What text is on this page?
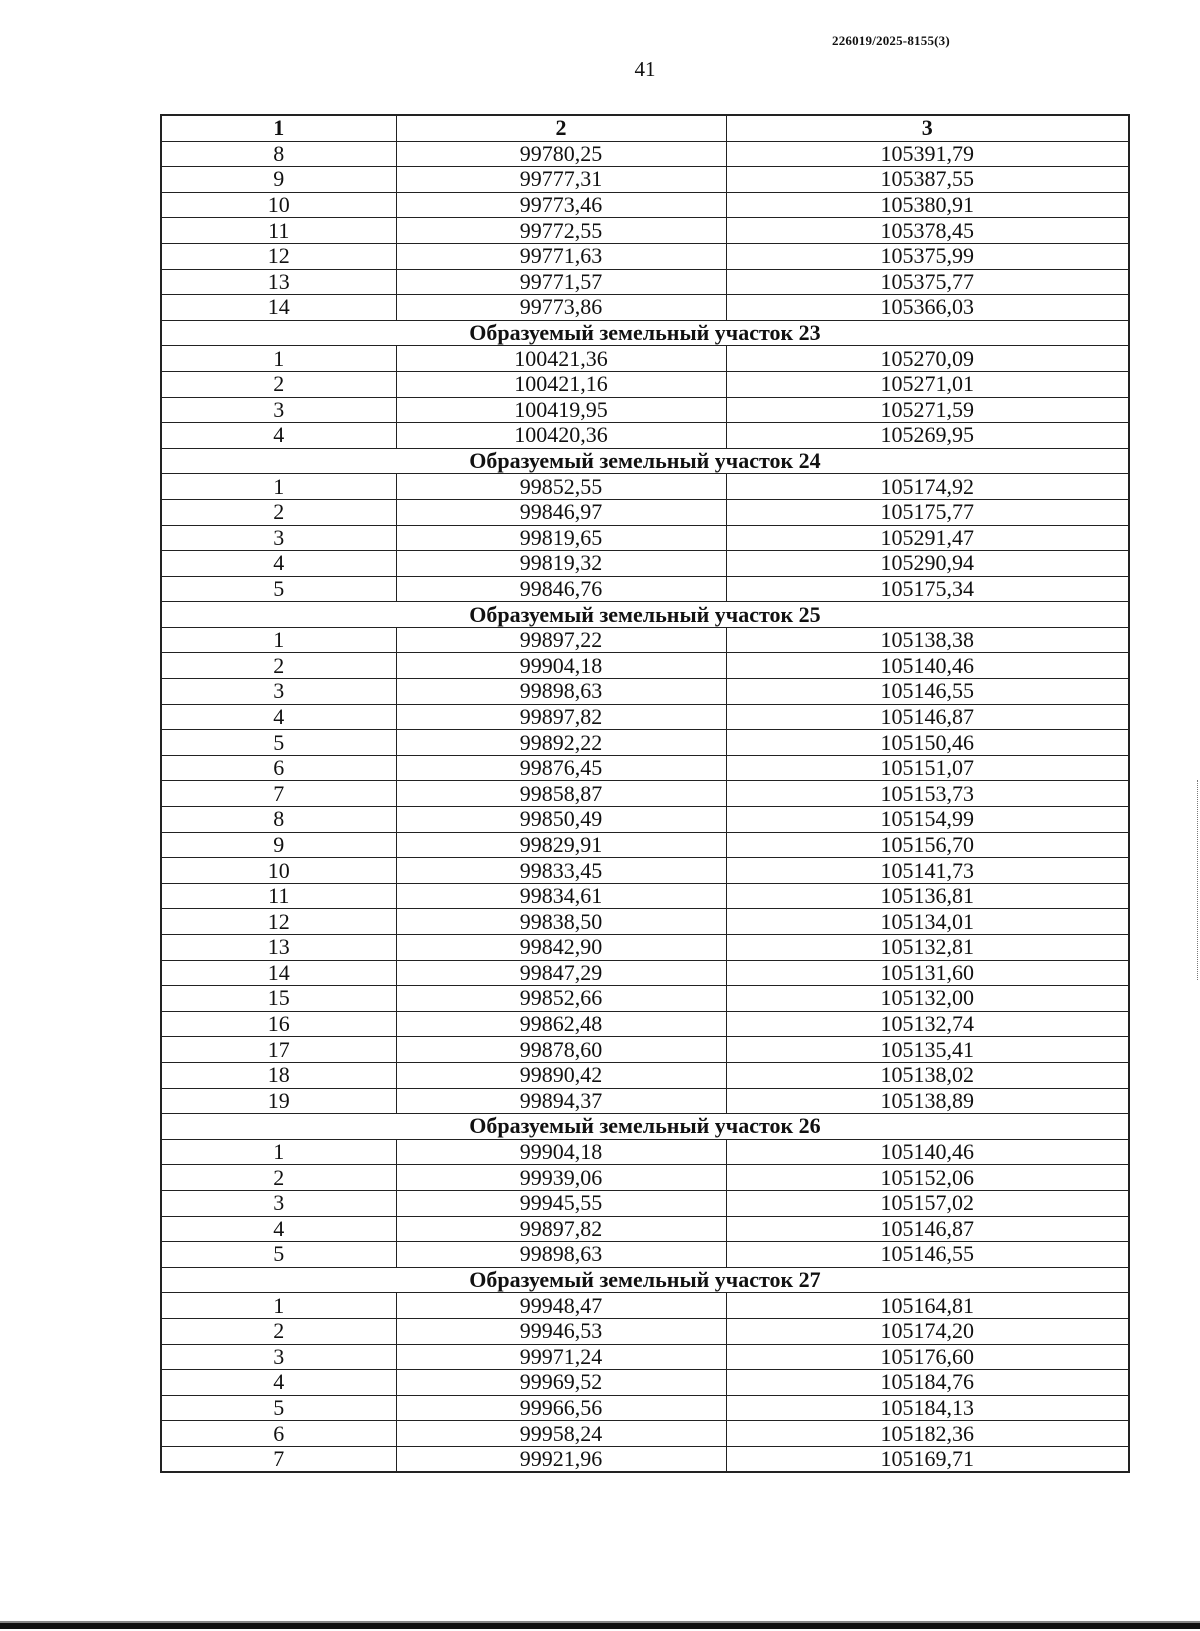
226019/2025-8155(3)
41
1	2	3
8	99780,25	105391,79
9	99777,31	105387,55
10	99773,46	105380,91
11	99772,55	105378,45
12	99771,63	105375,99
13	99771,57	105375,77
14	99773,86	105366,03
Образуемый земельный участок 23		
1	100421,36	105270,09
2	100421,16	105271,01
3	100419,95	105271,59
4	100420,36	105269,95
Образуемый земельный участок 24		
1	99852,55	105174,92
2	99846,97	105175,77
3	99819,65	105291,47
4	99819,32	105290,94
5	99846,76	105175,34
Образуемый земельный участок 25		
1	99897,22	105138,38
2	99904,18	105140,46
3	99898,63	105146,55
4	99897,82	105146,87
5	99892,22	105150,46
6	99876,45	105151,07
7	99858,87	105153,73
8	99850,49	105154,99
9	99829,91	105156,70
10	99833,45	105141,73
11	99834,61	105136,81
12	99838,50	105134,01
13	99842,90	105132,81
14	99847,29	105131,60
15	99852,66	105132,00
16	99862,48	105132,74
17	99878,60	105135,41
18	99890,42	105138,02
19	99894,37	105138,89
Образуемый земельный участок 26		
1	99904,18	105140,46
2	99939,06	105152,06
3	99945,55	105157,02
4	99897,82	105146,87
5	99898,63	105146,55
Образуемый земельный участок 27		
1	99948,47	105164,81
2	99946,53	105174,20
3	99971,24	105176,60
4	99969,52	105184,76
5	99966,56	105184,13
6	99958,24	105182,36
7	99921,96	105169,71
